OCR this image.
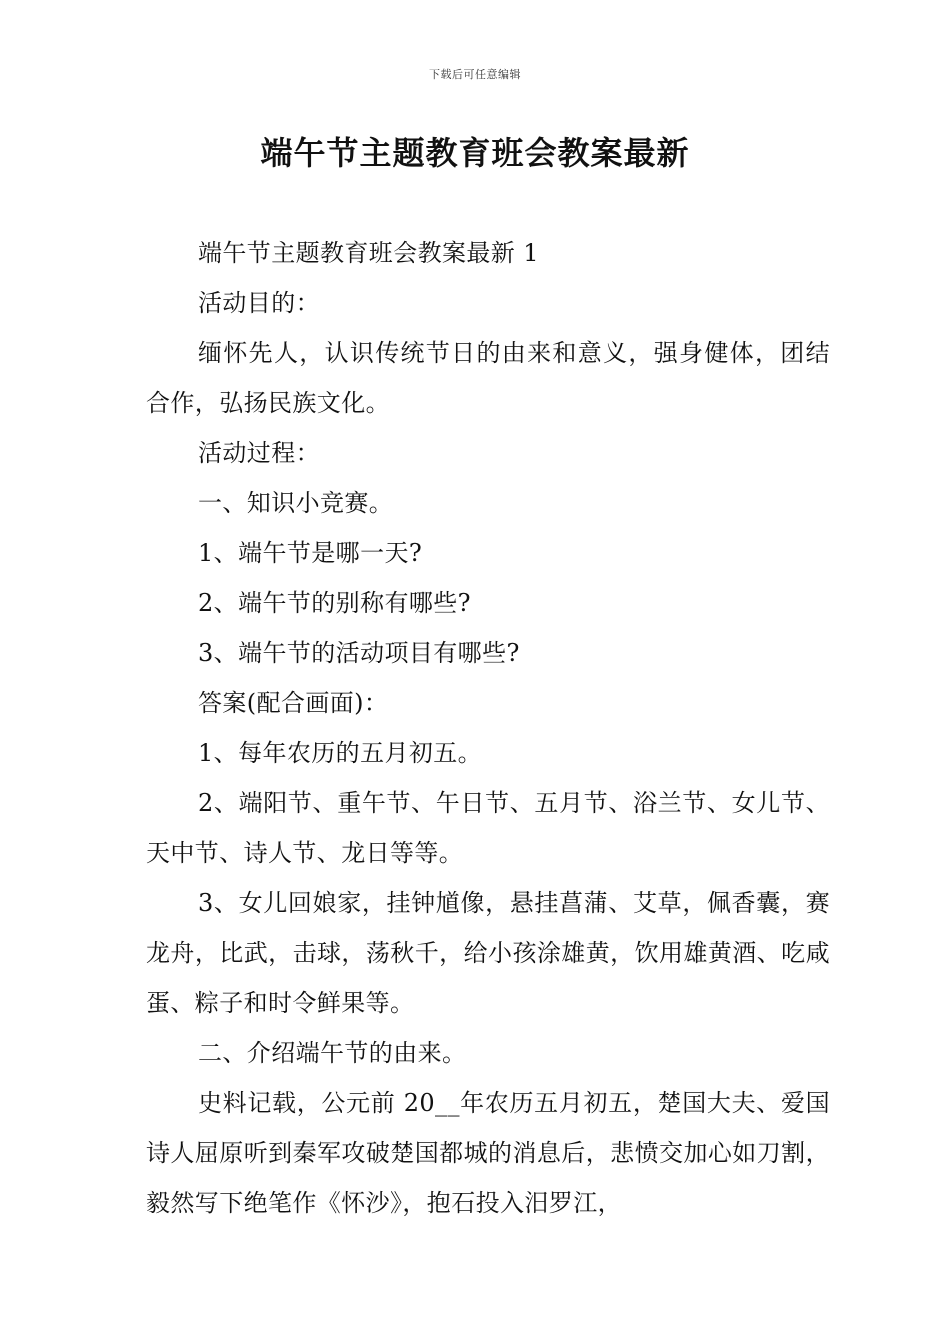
下载后可任意编辑
端午节主题教育班会教案最新

端午节主题教育班会教案最新 1

活动目的：

缅怀先人，认识传统节日的由来和意义，强身健体，团结合作，弘扬民族文化。

活动过程：

一、知识小竞赛。

1、端午节是哪一天?

2、端午节的别称有哪些?

3、端午节的活动项目有哪些?

答案(配合画面)：

1、每年农历的五月初五。

2、端阳节、重午节、午日节、五月节、浴兰节、女儿节、天中节、诗人节、龙日等等。

3、女儿回娘家，挂钟馗像，悬挂菖蒲、艾草，佩香囊，赛龙舟，比武，击球，荡秋千，给小孩涂雄黄，饮用雄黄酒、吃咸蛋、粽子和时令鲜果等。

二、介绍端午节的由来。

史料记载，公元前 20__年农历五月初五，楚国大夫、爱国诗人屈原听到秦军攻破楚国都城的消息后，悲愤交加心如刀割，毅然写下绝笔作《怀沙》，抱石投入汨罗江，
